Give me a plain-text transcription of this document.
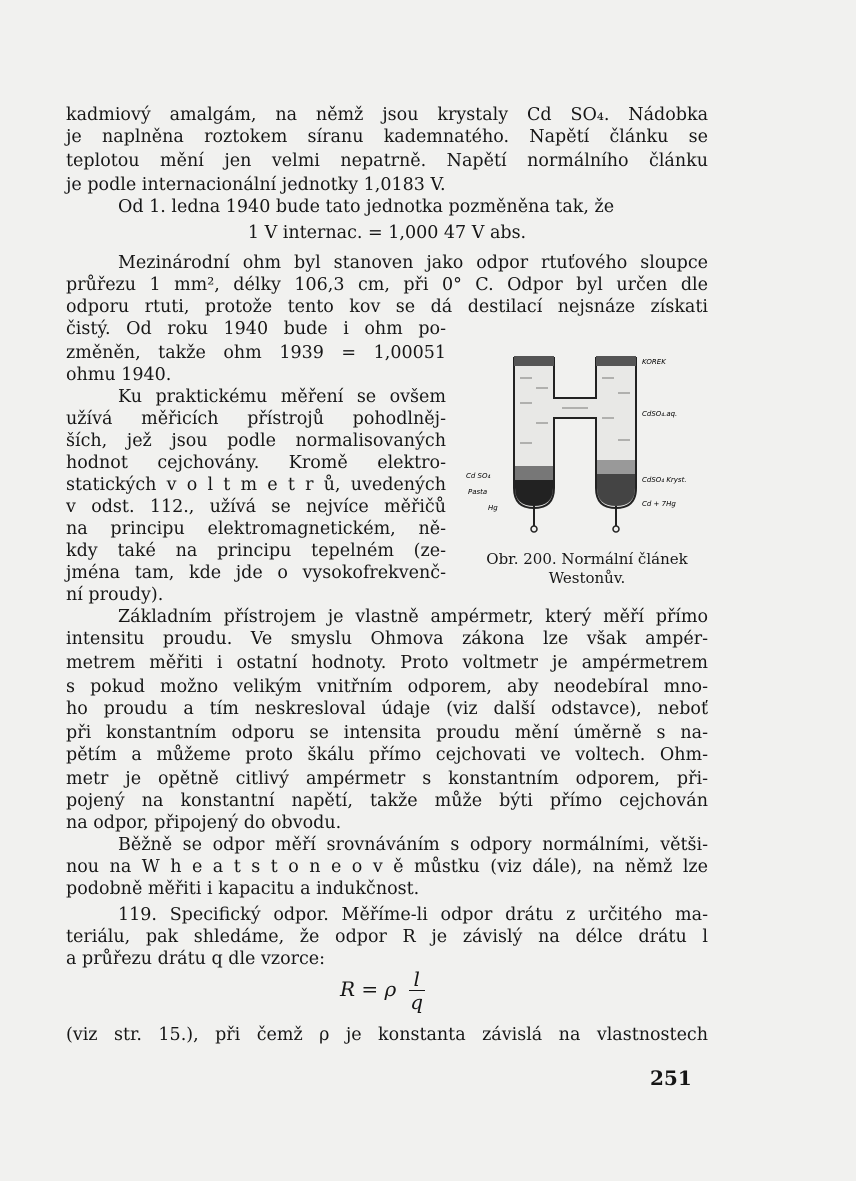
kadmiový amalgám, na němž jsou krystaly Cd SO₄. Nádobka
je naplněna roztokem síranu kademnatého. Napětí článku se
teplotou mění jen velmi nepatrně. Napětí normálního článku
je podle internacionální jednotky 1,0183 V.
Od 1. ledna 1940 bude tato jednotka pozměněna tak, že
1 V internac. = 1,000 47 V abs.
Mezinárodní ohm byl stanoven jako odpor rtuťového sloupce
průřezu 1 mm², délky 106,3 cm, při 0° C. Odpor byl určen dle
odporu rtuti, protože tento kov se dá destilací nejsnáze získati
čistý. Od roku 1940 bude i ohm po-
změněn, takže ohm 1939 = 1,00051
ohmu 1940.
Ku praktickému měření se ovšem
užívá měřicích přístrojů pohodlněj-
ších, jež jsou podle normalisovaných
hodnot cejchovány. Kromě elektro-
statických v o l t m e t r ů, uvedených
v odst. 112., užívá se nejvíce měřičů
na principu elektromagnetickém, ně-
kdy také na principu tepelném (ze-
jména tam, kde jde o vysokofrekvenč-
ní proudy).
Základním přístrojem je vlastně ampérmetr, který měří přímo
intensitu proudu. Ve smyslu Ohmova zákona lze však ampér-
metrem měřiti i ostatní hodnoty. Proto voltmetr je ampérmetrem
s pokud možno velikým vnitřním odporem, aby neodebíral mno-
ho proudu a tím neskresloval údaje (viz další odstavce), neboť
při konstantním odporu se intensita proudu mění úměrně s na-
pětím a můžeme proto škálu přímo cejchovati ve voltech. Ohm-
metr je opětně citlivý ampérmetr s konstantním odporem, při-
pojený na konstantní napětí, takže může býti přímo cejchován
na odpor, připojený do obvodu.
Běžně se odpor měří srovnáváním s odpory normálními, větši-
nou na W h e a t s t o n e o v ě můstku (viz dále), na němž lze
podobně měřiti i kapacitu a indukčnost.
119. Specifický odpor. Měříme-li odpor drátu z určitého ma-
teriálu, pak shledáme, že odpor R je závislý na délce drátu l
a průřezu drátu q dle vzorce:
(viz str. 15.), při čemž ρ je konstanta závislá na vlastnostech
R = ρ $\frac{l}{q}$
KOREK
CdSO₄.aq.
Cd SO₄
Pasta
Hg
CdSO₄ Kryst.
Cd + 7Hg
Obr. 200. Normální článek
Westonův.
251
